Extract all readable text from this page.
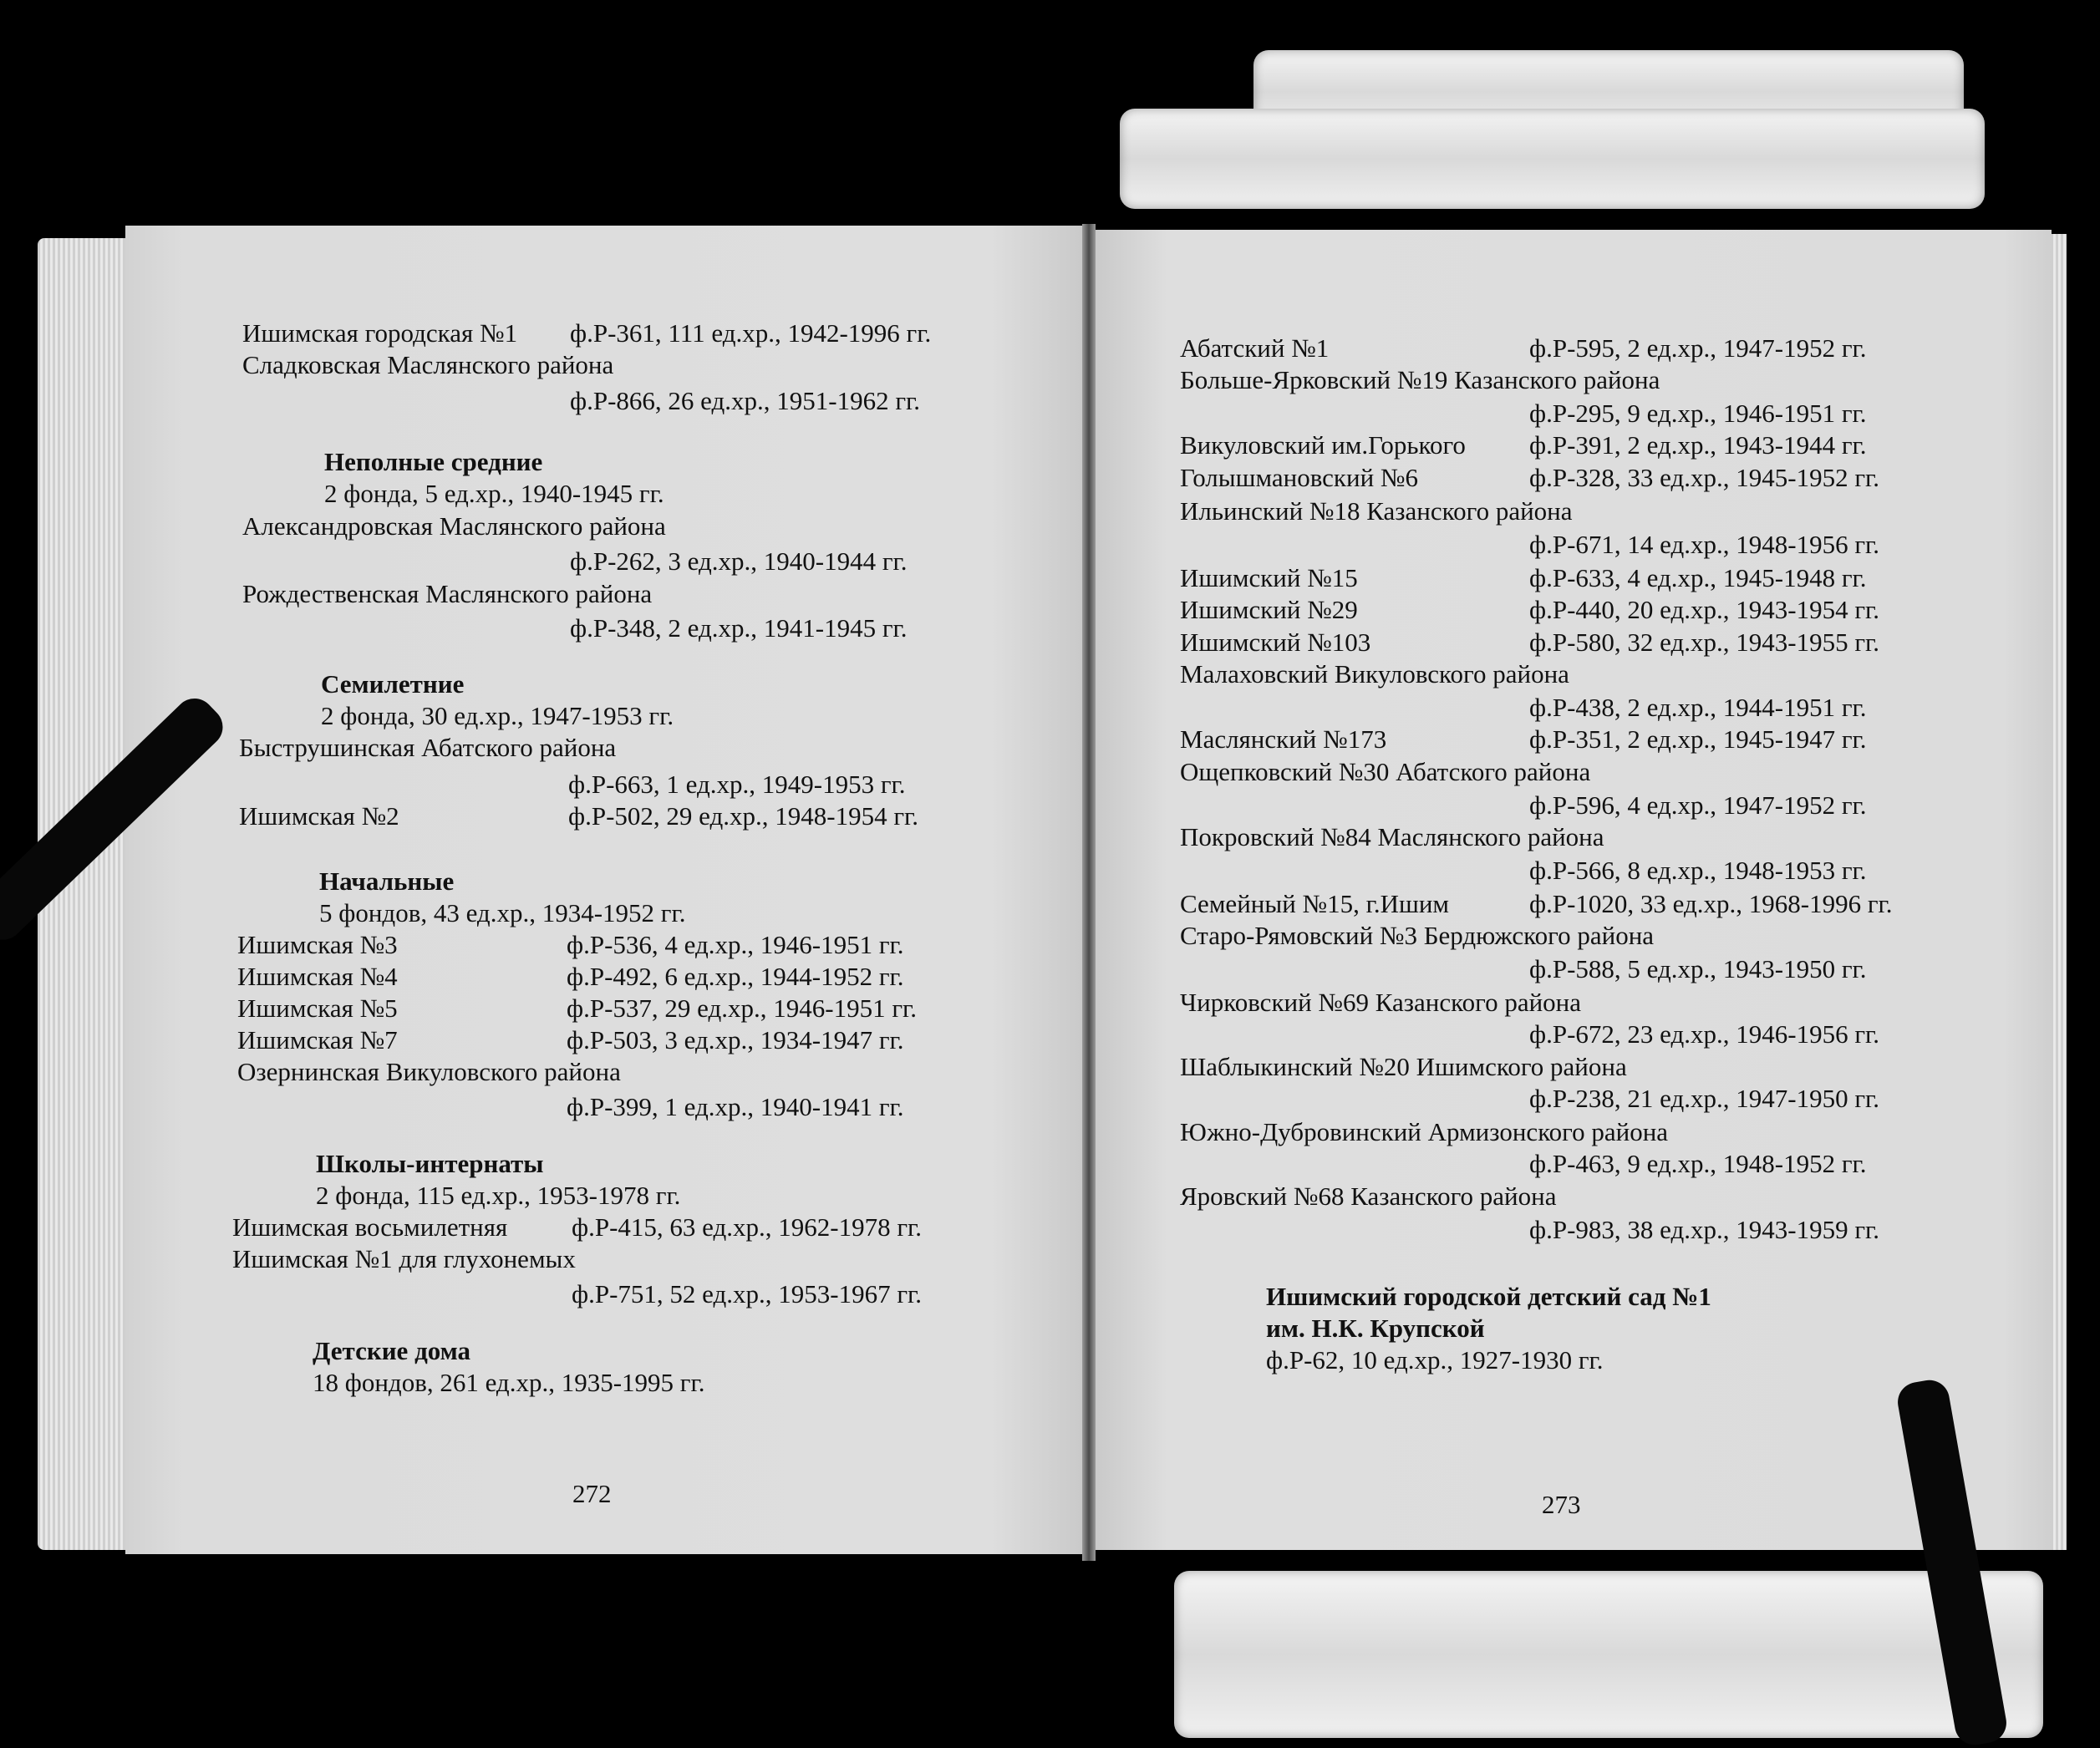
Ишимская городская №1 ф.Р-361, 111 ед.хр., 1942-1996 гг.
Сладковская Маслянского района
ф.Р-866, 26 ед.хр., 1951-1962 гг.
Неполные средние
2 фонда, 5 ед.хр., 1940-1945 гг.
Александровская Маслянского района
ф.Р-262, 3 ед.хр., 1940-1944 гг.
Рождественская Маслянского района
ф.Р-348, 2 ед.хр., 1941-1945 гг.
Семилетние
2 фонда, 30 ед.хр., 1947-1953 гг.
Быструшинская Абатского района
ф.Р-663, 1 ед.хр., 1949-1953 гг.
Ишимская №2	ф.Р-502, 29 ед.хр., 1948-1954 гг.
Начальные
5 фондов, 43 ед.хр., 1934-1952 гг.
Ишимская №3	ф.Р-536, 4 ед.хр., 1946-1951 гг.
Ишимская №4	ф.Р-492, 6 ед.хр., 1944-1952 гг.
Ишимская №5	ф.Р-537, 29 ед.хр., 1946-1951 гг.
Ишимская №7	ф.Р-503, 3 ед.хр., 1934-1947 гг.
Озернинская Викуловского района
ф.Р-399, 1 ед.хр., 1940-1941 гг.
Школы-интернаты
2 фонда, 115 ед.хр., 1953-1978 гг.
Ишимская восьмилетняя ф.Р-415, 63 ед.хр., 1962-1978 гг.
Ишимская №1 для глухонемых
ф.Р-751, 52 ед.хр., 1953-1967 гг.
Детские дома
18 фондов, 261 ед.хр., 1935-1995 гг.
272
Абатский №1	ф.Р-595, 2 ед.хр., 1947-1952 гг.
Больше-Ярковский №19 Казанского района
ф.Р-295, 9 ед.хр., 1946-1951 гг.
Викуловский им.Горького ф.Р-391, 2 ед.хр., 1943-1944 гг.
Голышмановский №6	ф.Р-328, 33 ед.хр., 1945-1952 гг.
Ильинский №18 Казанского района
ф.Р-671, 14 ед.хр., 1948-1956 гг.
Ишимский №15	ф.Р-633, 4 ед.хр., 1945-1948 гг.
Ишимский №29	ф.Р-440, 20 ед.хр., 1943-1954 гг.
Ишимский №103	ф.Р-580, 32 ед.хр., 1943-1955 гг.
Малаховский Викуловского района
ф.Р-438, 2 ед.хр., 1944-1951 гг.
Маслянский №173	ф.Р-351, 2 ед.хр., 1945-1947 гг.
Ощепковский №30 Абатского района
ф.Р-596, 4 ед.хр., 1947-1952 гг.
Покровский №84 Маслянского района
ф.Р-566, 8 ед.хр., 1948-1953 гг.
Семейный №15, г.Ишим	ф.Р-1020, 33 ед.хр., 1968-1996 гг.
Старо-Рямовский №3 Бердюжского района
ф.Р-588, 5 ед.хр., 1943-1950 гг.
Чирковский №69 Казанского района
ф.Р-672, 23 ед.хр., 1946-1956 гг.
Шаблыкинский №20 Ишимского района
ф.Р-238, 21 ед.хр., 1947-1950 гг.
Южно-Дубровинский Армизонского района
ф.Р-463, 9 ед.хр., 1948-1952 гг.
Яровский №68 Казанского района
ф.Р-983, 38 ед.хр., 1943-1959 гг.
Ишимский городской детский сад №1
им. Н.К. Крупской
ф.Р-62, 10 ед.хр., 1927-1930 гг.
273
